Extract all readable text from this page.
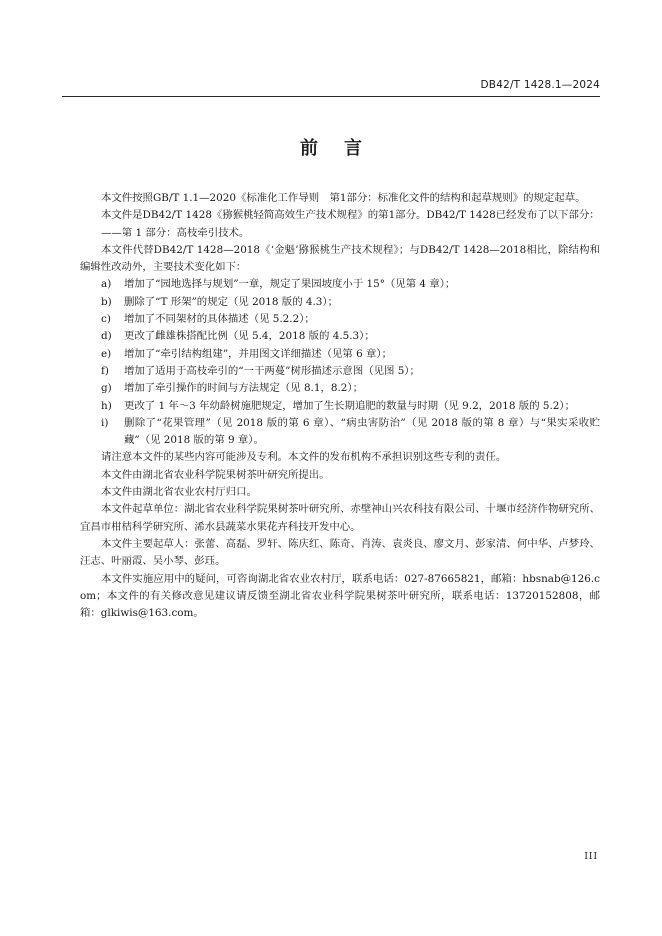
DB42/T 1428.1—2024
前言

本文件按照GB/T 1.1—2020《标准化工作导则　第1部分：标准化文件的结构和起草规则》的规定起草。

本文件是DB42/T 1428《猕猴桃轻简高效生产技术规程》的第1部分。DB42/T 1428已经发布了以下部分：

——第 1 部分：高枝牵引技术。

本文件代替DB42/T 1428—2018《‘金魁’猕猴桃生产技术规程》；与DB42/T 1428—2018相比，除结构和编辑性改动外，主要技术变化如下：

a)	增加了“园地选择与规划”一章，规定了果园坡度小于 15°（见第 4 章）；
b)	删除了“T 形架”的规定（见 2018 版的 4.3）；
c)	增加了不同架材的具体描述（见 5.2.2）；
d)	更改了雌雄株搭配比例（见 5.4，2018 版的 4.5.3）；
e)	增加了“牵引结构组建”，并用图文详细描述（见第 6 章）；
f)	增加了适用于高枝牵引的“一干两蔓”树形描述示意图（见图 5）；
g)	增加了牵引操作的时间与方法规定（见 8.1，8.2）；
h)	更改了 1 年～3 年幼龄树施肥规定，增加了生长期追肥的数量与时期（见 9.2，2018 版的 5.2）；
i)	删除了“花果管理”（见 2018 版的第 6 章）、“病虫害防治”（见 2018 版的第 8 章）与“果实采收贮藏”（见 2018 版的第 9 章）。

请注意本文件的某些内容可能涉及专利。本文件的发布机构不承担识别这些专利的责任。

本文件由湖北省农业科学院果树茶叶研究所提出。

本文件由湖北省农业农村厅归口。

本文件起草单位：湖北省农业科学院果树茶叶研究所、赤壁神山兴农科技有限公司、十堰市经济作物研究所、宜昌市柑桔科学研究所、浠水县蔬菜水果花卉科技开发中心。

本文件主要起草人：张蕾、高磊、罗轩、陈庆红、陈奇、肖涛、袁炎良、廖文月、彭家清、何中华、卢梦玲、汪志、叶丽霞、吴小琴、彭珏。

本文件实施应用中的疑问，可咨询湖北省农业农村厅，联系电话：027-87665821，邮箱：hbsnab@126.com；本文件的有关修改意见建议请反馈至湖北省农业科学院果树茶叶研究所，联系电话：13720152808，邮箱：glkiwis@163.com。

III
